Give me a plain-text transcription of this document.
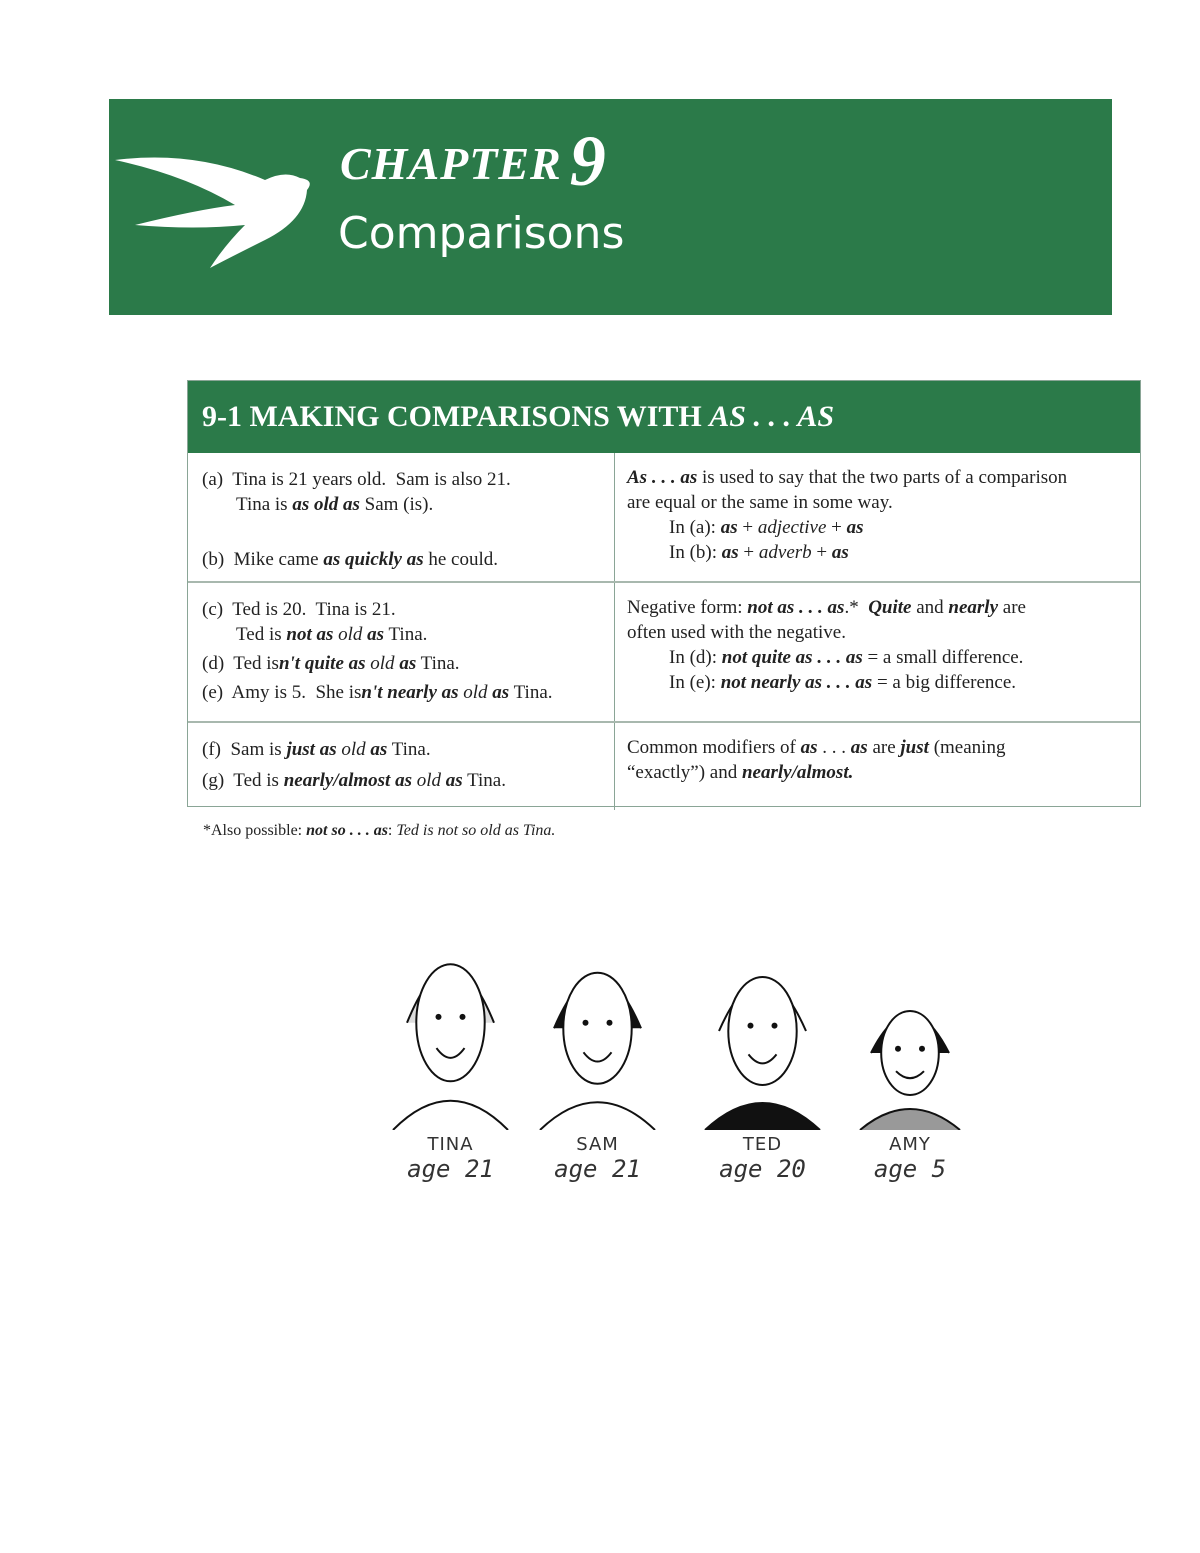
CHAPTER 9
Comparisons
9-1 MAKING COMPARISONS WITH AS . . . AS
(a)  Tina is 21 years old.  Sam is also 21.
Tina is as old as Sam (is).

(b)  Mike came as quickly as he could.
As . . . as is used to say that the two parts of a comparison
are equal or the same in some way.
In (a): as + adjective + as
In (b): as + adverb + as
(c)  Ted is 20.  Tina is 21.
Ted is not as old as Tina.
(d)  Ted isn't quite as old as Tina.
(e)  Amy is 5.  She isn't nearly as old as Tina.
Negative form: not as . . . as.*  Quite and nearly are
often used with the negative.
In (d): not quite as . . . as = a small difference.
In (e): not nearly as . . . as = a big difference.
(f)  Sam is just as old as Tina.
(g)  Ted is nearly/almost as old as Tina.
Common modifiers of as . . . as are just (meaning
“exactly”) and nearly/almost.
*Also possible: not so . . . as: Ted is not so old as Tina.
TINA
age 21
SAM
age 21
TED
age 20
AMY
age 5
